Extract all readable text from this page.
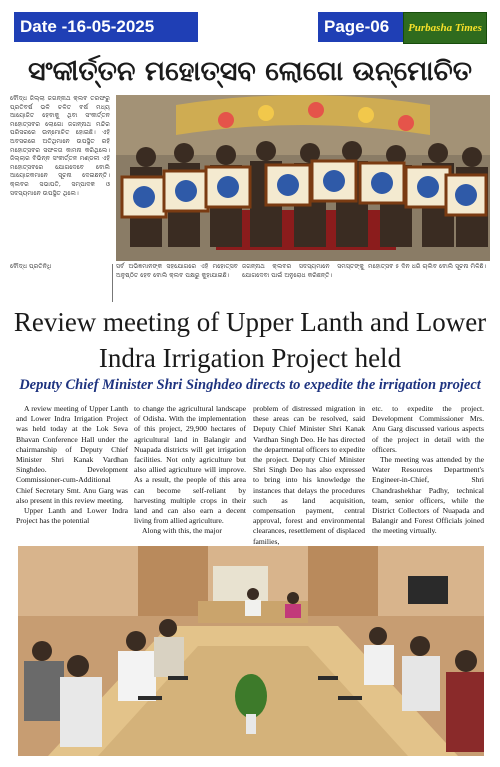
Date -16-05-2025	Page-06	Purbasha Times
ସଂକୀର୍ତ୍ତନ ମହୋତ୍ସବ ଲୋଗୋ ଉନ୍ମୋଚିତ
ବୌଦ୍ଧ ଜିଲ୍ଲା ଜଗନ୍ନାଥ କ୍ଲବ ତରଫରୁ ପ୍ରତିବର୍ଷ ଭଳି ଚଳିତ ବର୍ଷ ମଧ୍ୟ ଆୟୋଜିତ ହେବାକୁ ଥିବା ସଂକୀର୍ତ୍ତନ ମହୋତ୍ସବର ଲୋଗୋ ଜଗନ୍ନାଥ ମନ୍ଦିର ପରିସରରେ ଉନ୍ମୋଚିତ ହୋଇଛି। ଏହି ଅବସରରେ ଅତିଥିମାନେ ଉପସ୍ଥିତ ରହି ମହୋତ୍ସବର ସଫଳତା କାମନା କରିଥିଲେ। ଜିଲ୍ଲାର ବିଭିନ୍ନ ସଂକୀର୍ତ୍ତନ ମଣ୍ଡଳୀ ଏହି ମହୋତ୍ସବରେ ଯୋଗଦେବେ ବୋଲି ଆୟୋଜକମାନେ ସୂଚନା ଦେଇଛନ୍ତି। କ୍ଲବର ସଭାପତି, ସମ୍ପାଦକ ଓ ସଦସ୍ୟମାନେ ଉପସ୍ଥିତ ଥିଲେ।
ବୌଦ୍ଧ ପ୍ରତିନିଧି	ସର୍ବ ଅଭିଜ୍ଞମାନଙ୍କ ସହଯୋଗରେ ଏହି ମହୋତ୍ସବ ଅନୁଷ୍ଠିତ ହେବ ବୋଲି କ୍ଲବ ପକ୍ଷରୁ କୁହାଯାଇଛି।
ଜଗନ୍ନାଥ କ୍ଲବର ସଦସ୍ୟମାନେ ସମସ୍ତଙ୍କୁ ଯୋଗଦେବା ପାଇଁ ଅନୁରୋଧ କରିଛନ୍ତି।
ମହୋତ୍ସବ ୫ ଦିନ ଧରି ଚାଲିବ ବୋଲି ସୂଚନା ମିଳିଛି।
Review meeting of Upper Lanth and Lower Indra Irrigation Project held
Deputy Chief Minister Shri Singhdeo directs to expedite the irrigation project

A review meeting of Upper Lanth and Lower Indra Irrigation Project was held today at the Lok Seva Bhavan Conference Hall under the chairmanship of Deputy Chief Minister Shri Kanak Vardhan Singhdeo. Development Commissioner-cum-Additional Chief Secretary Smt. Anu Garg was also present in this review meeting.

Upper Lanth and Lower Indra Project has the potential

to change the agricultural landscape of Odisha. With the implementation of this project, 29,900 hectares of agricultural land in Balangir and Nuapada districts will get irrigation facilities. Not only agriculture but also allied agriculture will improve. As a result, the people of this area can become self-reliant by harvesting multiple crops in their land and can also earn a decent living from allied agriculture.

Along with this, the major

problem of distressed migration in these areas can be resolved, said Deputy Chief Minister Shri Kanak Vardhan Singh Deo. He has directed the departmental officers to expedite the project. Deputy Chief Minister Shri Singh Deo has also expressed to bring into his knowledge the instances that delays the procedures such as land acquisition, compensation payment, central approval, forest and environmental clearances, resettlement of displaced families,

etc. to expedite the project. Development Commissioner Mrs. Anu Garg discussed various aspects of the project in detail with the officers.

The meeting was attended by the Water Resources Department's Engineer-in-Chief, Shri Chandrashekhar Padhy, technical team, senior officers, while the District Collectors of Nuapada and Balangir and Forest Officials joined the meeting virtually.
